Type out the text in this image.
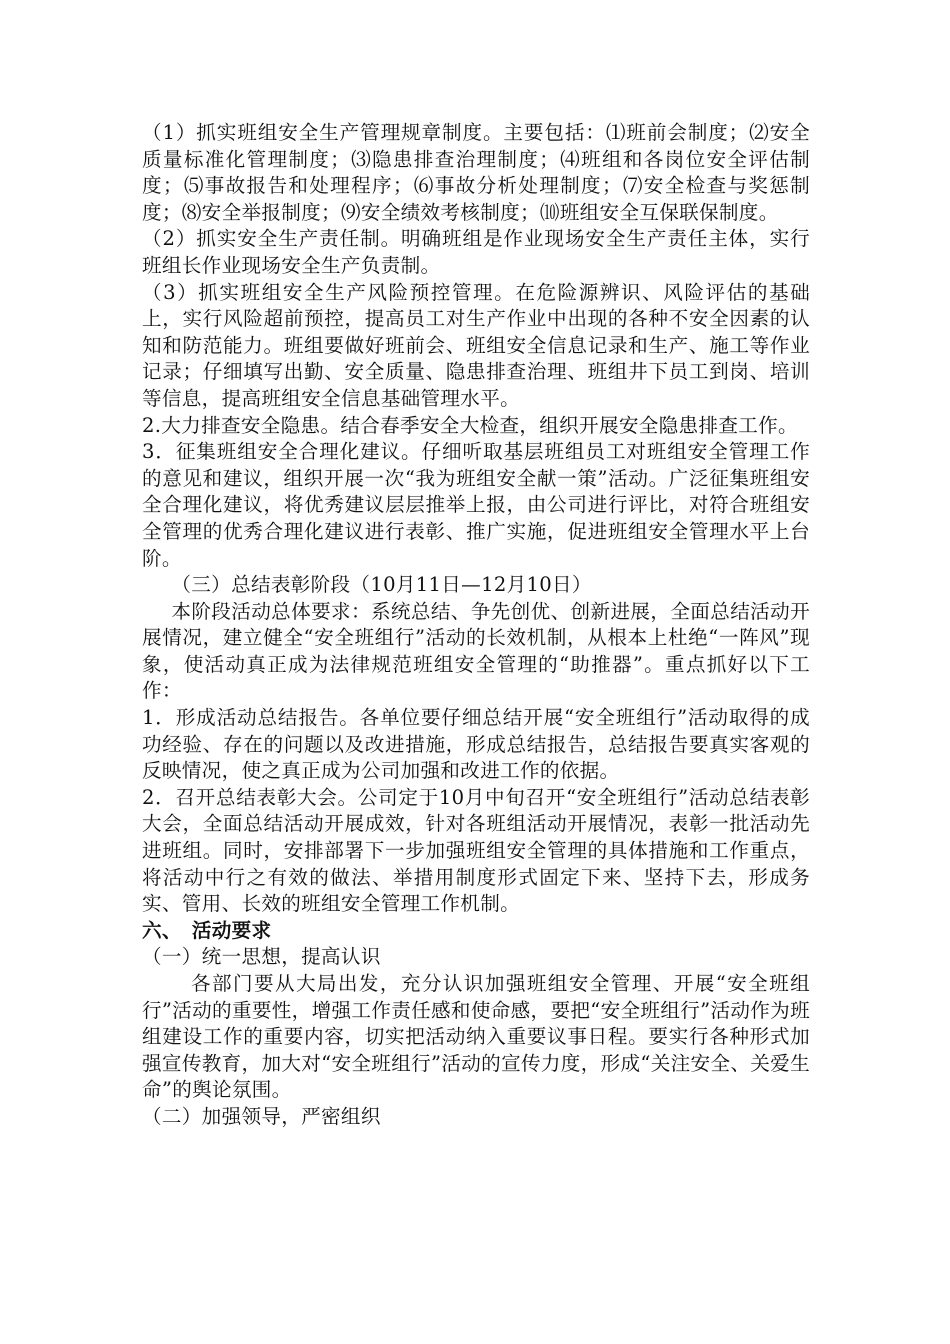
（1）抓实班组安全生产管理规章制度。主要包括：⑴班前会制度；⑵安全质量标准化管理制度；⑶隐患排查治理制度；⑷班组和各岗位安全评估制度；⑸事故报告和处理程序；⑹事故分析处理制度；⑺安全检查与奖惩制度；⑻安全举报制度；⑼安全绩效考核制度；⑽班组安全互保联保制度。

（2）抓实安全生产责任制。明确班组是作业现场安全生产责任主体，实行班组长作业现场安全生产负责制。

（3）抓实班组安全生产风险预控管理。在危险源辨识、风险评估的基础上，实行风险超前预控，提高员工对生产作业中出现的各种不安全因素的认知和防范能力。班组要做好班前会、班组安全信息记录和生产、施工等作业记录；仔细填写出勤、安全质量、隐患排查治理、班组井下员工到岗、培训等信息，提高班组安全信息基础管理水平。

2.大力排查安全隐患。结合春季安全大检查，组织开展安全隐患排查工作。

3．征集班组安全合理化建议。仔细听取基层班组员工对班组安全管理工作的意见和建议，组织开展一次“我为班组安全献一策”活动。广泛征集班组安全合理化建议，将优秀建议层层推举上报，由公司进行评比，对符合班组安全管理的优秀合理化建议进行表彰、推广实施，促进班组安全管理水平上台阶。

（三）总结表彰阶段（10月11日—12月10日）

本阶段活动总体要求：系统总结、争先创优、创新进展，全面总结活动开展情况，建立健全“安全班组行”活动的长效机制，从根本上杜绝“一阵风”现象，使活动真正成为法律规范班组安全管理的“助推器”。重点抓好以下工作：

1．形成活动总结报告。各单位要仔细总结开展“安全班组行”活动取得的成功经验、存在的问题以及改进措施，形成总结报告，总结报告要真实客观的反映情况，使之真正成为公司加强和改进工作的依据。

2．召开总结表彰大会。公司定于10月中旬召开“安全班组行”活动总结表彰大会，全面总结活动开展成效，针对各班组活动开展情况，表彰一批活动先进班组。同时，安排部署下一步加强班组安全管理的具体措施和工作重点，将活动中行之有效的做法、举措用制度形式固定下来、坚持下去，形成务实、管用、长效的班组安全管理工作机制。

六、　活动要求

（一）统一思想，提高认识

各部门要从大局出发，充分认识加强班组安全管理、开展“安全班组行”活动的重要性，增强工作责任感和使命感，要把“安全班组行”活动作为班组建设工作的重要内容，切实把活动纳入重要议事日程。要实行各种形式加强宣传教育，加大对“安全班组行”活动的宣传力度，形成“关注安全、关爱生命”的舆论氛围。

（二）加强领导，严密组织
